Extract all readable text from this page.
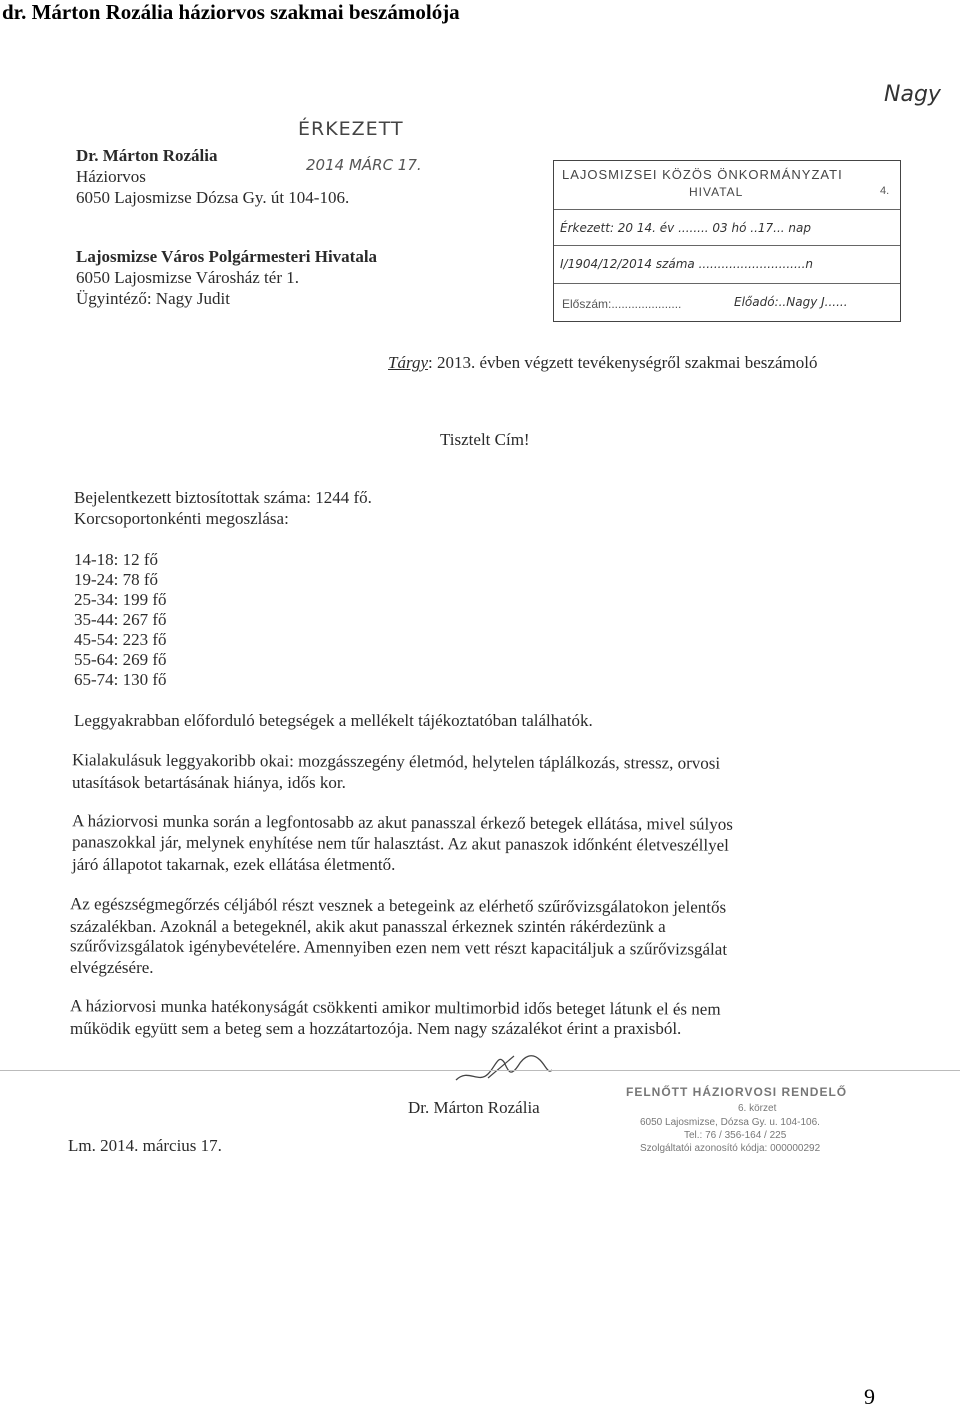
dr. Márton Rozália háziorvos szakmai beszámolója
ÉRKEZETT
2014 MÁRC 17.
Nagy
Dr. Márton Rozália
Háziorvos
6050 Lajosmizse Dózsa Gy. út 104-106.
Lajosmizse Város Polgármesteri Hivatala
6050 Lajosmizse Városház tér 1.
Ügyintéző: Nagy Judit
LAJOSMIZSEI KÖZÖS ÖNKORMÁNYZATI
HIVATAL	4.
Érkezett: 20 14. év ........ 03 hó ..17... nap
I/1904/12/2014 száma ............................n
Előszám:.....................	Előadó:..Nagy J......
Tárgy: 2013. évben végzett tevékenységről szakmai beszámoló
Tisztelt Cím!
Bejelentkezett biztosítottak száma: 1244 fő.
Korcsoportonkénti megoszlása:
14-18: 12 fő
19-24: 78 fő
25-34: 199 fő
35-44: 267 fő
45-54: 223 fő
55-64: 269 fő
65-74: 130 fő
Leggyakrabban előforduló betegségek a mellékelt tájékoztatóban találhatók.
Kialakulásuk leggyakoribb okai: mozgásszegény életmód, helytelen táplálkozás, stressz, orvosi
utasítások betartásának hiánya, idős kor.
A háziorvosi munka során a legfontosabb az akut panasszal érkező betegek ellátása, mivel súlyos
panaszokkal jár, melynek enyhítése nem tűr halasztást. Az akut panaszok időnként életveszéllyel
járó állapotot takarnak, ezek ellátása életmentő.
Az egészségmegőrzés céljából részt vesznek a betegeink az elérhető szűrővizsgálatokon jelentős
százalékban. Azoknál a betegeknél, akik akut panasszal érkeznek szintén rákérdezünk a
szűrővizsgálatok igénybevételére. Amennyiben ezen nem vett részt kapacitáljuk a szűrővizsgálat
elvégzésére.
A háziorvosi munka hatékonyságát csökkenti amikor multimorbid idős beteget látunk el és nem
működik együtt sem a beteg sem a hozzátartozója. Nem nagy százalékot érint a praxisból.
Dr. Márton Rozália
Lm. 2014. március 17.
FELNŐTT HÁZIORVOSI RENDELŐ
6. körzet
6050 Lajosmizse, Dózsa Gy. u. 104-106.
Tel.: 76 / 356-164 / 225
Szolgáltatói azonosító kódja: 000000292
9
